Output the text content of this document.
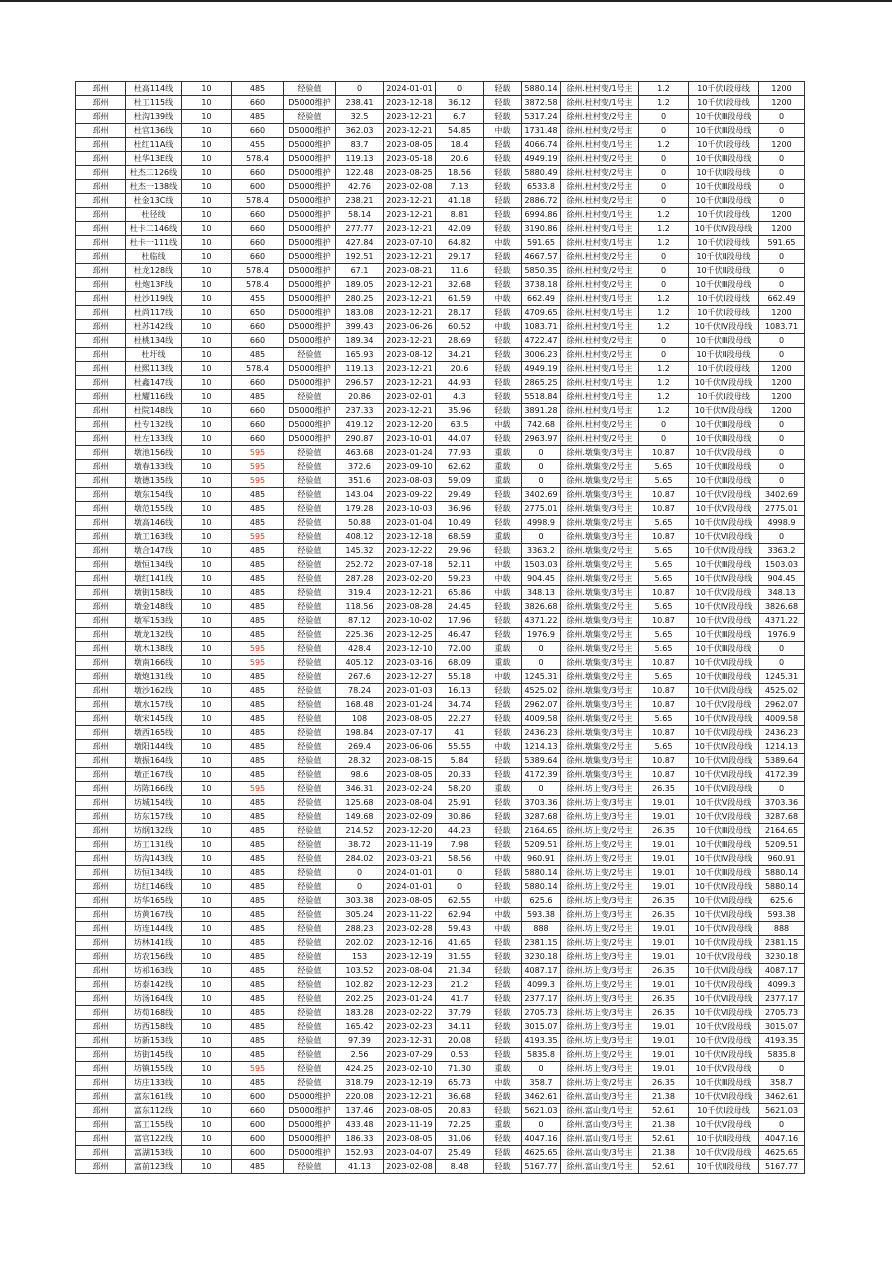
邳州	杜高114线	10	485	经验值	0	2024-01-01	0	轻载	5880.14	徐州.杜村变/1号主	1.2	10千伏Ⅰ段母线	1200
邳州	杜工115线	10	660	D5000维护	238.41	2023-12-18	36.12	轻载	3872.58	徐州.杜村变/1号主	1.2	10千伏Ⅰ段母线	1200
邳州	杜沟139线	10	485	经验值	32.5	2023-12-21	6.7	轻载	5317.24	徐州.杜村变/2号主	0	10千伏Ⅲ段母线	0
邳州	杜官136线	10	660	D5000维护	362.03	2023-12-21	54.85	中载	1731.48	徐州.杜村变/2号主	0	10千伏Ⅲ段母线	0
邳州	杜红11A线	10	455	D5000维护	83.7	2023-08-05	18.4	轻载	4066.74	徐州.杜村变/1号主	1.2	10千伏Ⅰ段母线	1200
邳州	杜华13E线	10	578.4	D5000维护	119.13	2023-05-18	20.6	轻载	4949.19	徐州.杜村变/2号主	0	10千伏Ⅲ段母线	0
邳州	杜杰二126线	10	660	D5000维护	122.48	2023-08-25	18.56	轻载	5880.49	徐州.杜村变/2号主	0	10千伏Ⅱ段母线	0
邳州	杜杰一138线	10	600	D5000维护	42.76	2023-02-08	7.13	轻载	6533.8	徐州.杜村变/2号主	0	10千伏Ⅲ段母线	0
邳州	杜金13C线	10	578.4	D5000维护	238.21	2023-12-21	41.18	轻载	2886.72	徐州.杜村变/2号主	0	10千伏Ⅲ段母线	0
邳州	杜径线	10	660	D5000维护	58.14	2023-12-21	8.81	轻载	6994.86	徐州.杜村变/1号主	1.2	10千伏Ⅰ段母线	1200
邳州	杜卡二146线	10	660	D5000维护	277.77	2023-12-21	42.09	轻载	3190.86	徐州.杜村变/1号主	1.2	10千伏Ⅳ段母线	1200
邳州	杜卡一111线	10	660	D5000维护	427.84	2023-07-10	64.82	中载	591.65	徐州.杜村变/1号主	1.2	10千伏Ⅰ段母线	591.65
邳州	杜临线	10	660	D5000维护	192.51	2023-12-21	29.17	轻载	4667.57	徐州.杜村变/2号主	0	10千伏Ⅱ段母线	0
邳州	杜龙128线	10	578.4	D5000维护	67.1	2023-08-21	11.6	轻载	5850.35	徐州.杜村变/2号主	0	10千伏Ⅱ段母线	0
邳州	杜炮13F线	10	578.4	D5000维护	189.05	2023-12-21	32.68	轻载	3738.18	徐州.杜村变/2号主	0	10千伏Ⅲ段母线	0
邳州	杜沙119线	10	455	D5000维护	280.25	2023-12-21	61.59	中载	662.49	徐州.杜村变/1号主	1.2	10千伏Ⅰ段母线	662.49
邳州	杜尚117线	10	650	D5000维护	183.08	2023-12-21	28.17	轻载	4709.65	徐州.杜村变/1号主	1.2	10千伏Ⅰ段母线	1200
邳州	杜苏142线	10	660	D5000维护	399.43	2023-06-26	60.52	中载	1083.71	徐州.杜村变/1号主	1.2	10千伏Ⅳ段母线	1083.71
邳州	杜桃134线	10	660	D5000维护	189.34	2023-12-21	28.69	轻载	4722.47	徐州.杜村变/2号主	0	10千伏Ⅲ段母线	0
邳州	杜圩线	10	485	经验值	165.93	2023-08-12	34.21	轻载	3006.23	徐州.杜村变/2号主	0	10千伏Ⅱ段母线	0
邳州	杜熙113线	10	578.4	D5000维护	119.13	2023-12-21	20.6	轻载	4949.19	徐州.杜村变/1号主	1.2	10千伏Ⅰ段母线	1200
邳州	杜鑫147线	10	660	D5000维护	296.57	2023-12-21	44.93	轻载	2865.25	徐州.杜村变/1号主	1.2	10千伏Ⅳ段母线	1200
邳州	杜耀116线	10	485	经验值	20.86	2023-02-01	4.3	轻载	5518.84	徐州.杜村变/1号主	1.2	10千伏Ⅰ段母线	1200
邳州	杜院148线	10	660	D5000维护	237.33	2023-12-21	35.96	轻载	3891.28	徐州.杜村变/1号主	1.2	10千伏Ⅳ段母线	1200
邳州	杜专132线	10	660	D5000维护	419.12	2023-12-20	63.5	中载	742.68	徐州.杜村变/2号主	0	10千伏Ⅲ段母线	0
邳州	杜左133线	10	660	D5000维护	290.87	2023-10-01	44.07	轻载	2963.97	徐州.杜村变/2号主	0	10千伏Ⅲ段母线	0
邳州	墩池156线	10	595	经验值	463.68	2023-01-24	77.93	重载	0	徐州.墩集变/3号主	10.87	10千伏Ⅴ段母线	0
邳州	墩春133线	10	595	经验值	372.6	2023-09-10	62.62	重载	0	徐州.墩集变/2号主	5.65	10千伏Ⅲ段母线	0
邳州	墩德135线	10	595	经验值	351.6	2023-08-03	59.09	重载	0	徐州.墩集变/2号主	5.65	10千伏Ⅲ段母线	0
邳州	墩东154线	10	485	经验值	143.04	2023-09-22	29.49	轻载	3402.69	徐州.墩集变/3号主	10.87	10千伏Ⅴ段母线	3402.69
邳州	墩范155线	10	485	经验值	179.28	2023-10-03	36.96	轻载	2775.01	徐州.墩集变/3号主	10.87	10千伏Ⅴ段母线	2775.01
邳州	墩高146线	10	485	经验值	50.88	2023-01-04	10.49	轻载	4998.9	徐州.墩集变/2号主	5.65	10千伏Ⅳ段母线	4998.9
邳州	墩工163线	10	595	经验值	408.12	2023-12-18	68.59	重载	0	徐州.墩集变/3号主	10.87	10千伏Ⅵ段母线	0
邳州	墩合147线	10	485	经验值	145.32	2023-12-22	29.96	轻载	3363.2	徐州.墩集变/2号主	5.65	10千伏Ⅳ段母线	3363.2
邳州	墩恒134线	10	485	经验值	252.72	2023-07-18	52.11	中载	1503.03	徐州.墩集变/2号主	5.65	10千伏Ⅲ段母线	1503.03
邳州	墩红141线	10	485	经验值	287.28	2023-02-20	59.23	中载	904.45	徐州.墩集变/2号主	5.65	10千伏Ⅳ段母线	904.45
邳州	墩街158线	10	485	经验值	319.4	2023-12-21	65.86	中载	348.13	徐州.墩集变/3号主	10.87	10千伏Ⅴ段母线	348.13
邳州	墩金148线	10	485	经验值	118.56	2023-08-28	24.45	轻载	3826.68	徐州.墩集变/2号主	5.65	10千伏Ⅳ段母线	3826.68
邳州	墩军153线	10	485	经验值	87.12	2023-10-02	17.96	轻载	4371.22	徐州.墩集变/3号主	10.87	10千伏Ⅴ段母线	4371.22
邳州	墩龙132线	10	485	经验值	225.36	2023-12-25	46.47	轻载	1976.9	徐州.墩集变/2号主	5.65	10千伏Ⅲ段母线	1976.9
邳州	墩木138线	10	595	经验值	428.4	2023-12-10	72.00	重载	0	徐州.墩集变/2号主	5.65	10千伏Ⅲ段母线	0
邳州	墩南166线	10	595	经验值	405.12	2023-03-16	68.09	重载	0	徐州.墩集变/3号主	10.87	10千伏Ⅵ段母线	0
邳州	墩炮131线	10	485	经验值	267.6	2023-12-27	55.18	中载	1245.31	徐州.墩集变/2号主	5.65	10千伏Ⅲ段母线	1245.31
邳州	墩沙162线	10	485	经验值	78.24	2023-01-03	16.13	轻载	4525.02	徐州.墩集变/3号主	10.87	10千伏Ⅵ段母线	4525.02
邳州	墩水157线	10	485	经验值	168.48	2023-01-24	34.74	轻载	2962.07	徐州.墩集变/3号主	10.87	10千伏Ⅴ段母线	2962.07
邳州	墩宋145线	10	485	经验值	108	2023-08-05	22.27	轻载	4009.58	徐州.墩集变/2号主	5.65	10千伏Ⅳ段母线	4009.58
邳州	墩西165线	10	485	经验值	198.84	2023-07-17	41	轻载	2436.23	徐州.墩集变/3号主	10.87	10千伏Ⅵ段母线	2436.23
邳州	墩阳144线	10	485	经验值	269.4	2023-06-06	55.55	中载	1214.13	徐州.墩集变/2号主	5.65	10千伏Ⅳ段母线	1214.13
邳州	墩振164线	10	485	经验值	28.32	2023-08-15	5.84	轻载	5389.64	徐州.墩集变/3号主	10.87	10千伏Ⅵ段母线	5389.64
邳州	墩正167线	10	485	经验值	98.6	2023-08-05	20.33	轻载	4172.39	徐州.墩集变/3号主	10.87	10千伏Ⅵ段母线	4172.39
邳州	坊陈166线	10	595	经验值	346.31	2023-02-24	58.20	重载	0	徐州.坊上变/3号主	26.35	10千伏Ⅵ段母线	0
邳州	坊城154线	10	485	经验值	125.68	2023-08-04	25.91	轻载	3703.36	徐州.坊上变/3号主	19.01	10千伏Ⅴ段母线	3703.36
邳州	坊东157线	10	485	经验值	149.68	2023-02-09	30.86	轻载	3287.68	徐州.坊上变/3号主	19.01	10千伏Ⅴ段母线	3287.68
邳州	坊纲132线	10	485	经验值	214.52	2023-12-20	44.23	轻载	2164.65	徐州.坊上变/2号主	26.35	10千伏Ⅲ段母线	2164.65
邳州	坊工131线	10	485	经验值	38.72	2023-11-19	7.98	轻载	5209.51	徐州.坊上变/2号主	19.01	10千伏Ⅲ段母线	5209.51
邳州	坊沟143线	10	485	经验值	284.02	2023-03-21	58.56	中载	960.91	徐州.坊上变/2号主	19.01	10千伏Ⅳ段母线	960.91
邳州	坊恒134线	10	485	经验值	0	2024-01-01	0	轻载	5880.14	徐州.坊上变/2号主	19.01	10千伏Ⅲ段母线	5880.14
邳州	坊红146线	10	485	经验值	0	2024-01-01	0	轻载	5880.14	徐州.坊上变/2号主	19.01	10千伏Ⅳ段母线	5880.14
邳州	坊华165线	10	485	经验值	303.38	2023-08-05	62.55	中载	625.6	徐州.坊上变/3号主	26.35	10千伏Ⅵ段母线	625.6
邳州	坊黄167线	10	485	经验值	305.24	2023-11-22	62.94	中载	593.38	徐州.坊上变/3号主	26.35	10千伏Ⅵ段母线	593.38
邳州	坊连144线	10	485	经验值	288.23	2023-02-28	59.43	中载	888	徐州.坊上变/2号主	19.01	10千伏Ⅳ段母线	888
邳州	坊林141线	10	485	经验值	202.02	2023-12-16	41.65	轻载	2381.15	徐州.坊上变/2号主	19.01	10千伏Ⅳ段母线	2381.15
邳州	坊农156线	10	485	经验值	153	2023-12-19	31.55	轻载	3230.18	徐州.坊上变/3号主	19.01	10千伏Ⅴ段母线	3230.18
邳州	坊祁163线	10	485	经验值	103.52	2023-08-04	21.34	轻载	4087.17	徐州.坊上变/3号主	26.35	10千伏Ⅵ段母线	4087.17
邳州	坊泰142线	10	485	经验值	102.82	2023-12-23	21.2	轻载	4099.3	徐州.坊上变/2号主	19.01	10千伏Ⅳ段母线	4099.3
邳州	坊汤164线	10	485	经验值	202.25	2023-01-24	41.7	轻载	2377.17	徐州.坊上变/3号主	26.35	10千伏Ⅵ段母线	2377.17
邳州	坊荀168线	10	485	经验值	183.28	2023-02-22	37.79	轻载	2705.73	徐州.坊上变/3号主	26.35	10千伏Ⅵ段母线	2705.73
邳州	坊西158线	10	485	经验值	165.42	2023-02-23	34.11	轻载	3015.07	徐州.坊上变/3号主	19.01	10千伏Ⅴ段母线	3015.07
邳州	坊新153线	10	485	经验值	97.39	2023-12-31	20.08	轻载	4193.35	徐州.坊上变/3号主	19.01	10千伏Ⅴ段母线	4193.35
邳州	坊街145线	10	485	经验值	2.56	2023-07-29	0.53	轻载	5835.8	徐州.坊上变/2号主	19.01	10千伏Ⅳ段母线	5835.8
邳州	坊镇155线	10	595	经验值	424.25	2023-02-10	71.30	重载	0	徐州.坊上变/3号主	19.01	10千伏Ⅴ段母线	0
邳州	坊庄133线	10	485	经验值	318.79	2023-12-19	65.73	中载	358.7	徐州.坊上变/2号主	26.35	10千伏Ⅲ段母线	358.7
邳州	富东161线	10	600	D5000维护	220.08	2023-12-21	36.68	轻载	3462.61	徐州.富山变/3号主	21.38	10千伏Ⅵ段母线	3462.61
邳州	富东112线	10	660	D5000维护	137.46	2023-08-05	20.83	轻载	5621.03	徐州.富山变/1号主	52.61	10千伏Ⅰ段母线	5621.03
邳州	富工155线	10	600	D5000维护	433.48	2023-11-19	72.25	重载	0	徐州.富山变/3号主	21.38	10千伏Ⅴ段母线	0
邳州	富官122线	10	600	D5000维护	186.33	2023-08-05	31.06	轻载	4047.16	徐州.富山变/1号主	52.61	10千伏Ⅱ段母线	4047.16
邳州	富湖153线	10	600	D5000维护	152.93	2023-04-07	25.49	轻载	4625.65	徐州.富山变/3号主	21.38	10千伏Ⅴ段母线	4625.65
邳州	富前123线	10	485	经验值	41.13	2023-02-08	8.48	轻载	5167.77	徐州.富山变/1号主	52.61	10千伏Ⅱ段母线	5167.77
